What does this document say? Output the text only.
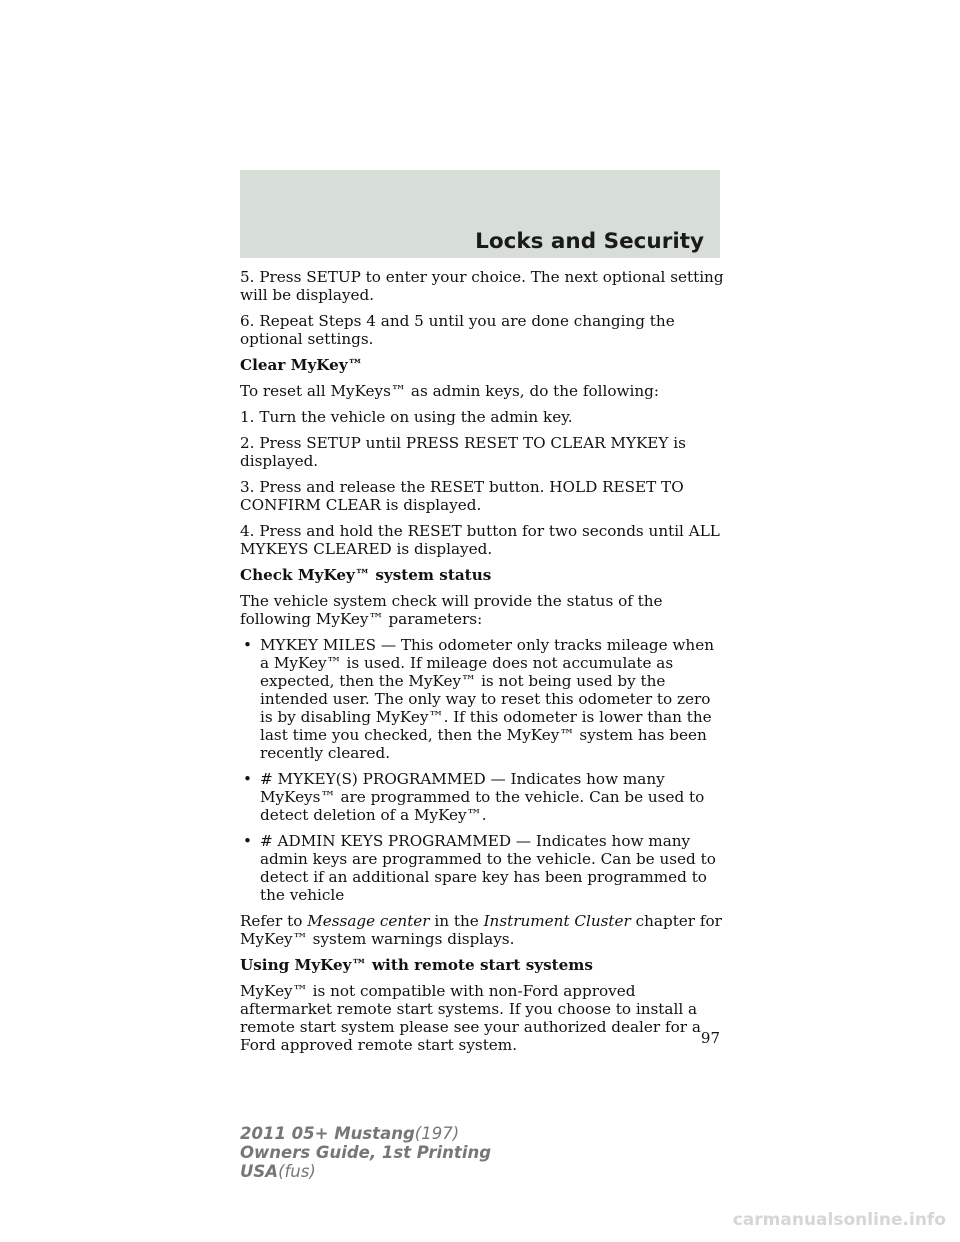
Locks and Security

5. Press SETUP to enter your choice. The next optional setting will be displayed.

6. Repeat Steps 4 and 5 until you are done changing the optional settings.

Clear MyKey™

To reset all MyKeys™ as admin keys, do the following:

1. Turn the vehicle on using the admin key.

2. Press SETUP until PRESS RESET TO CLEAR MYKEY is displayed.

3. Press and release the RESET button. HOLD RESET TO CONFIRM CLEAR is displayed.

4. Press and hold the RESET button for two seconds until ALL MYKEYS CLEARED is displayed.

Check MyKey™ system status

The vehicle system check will provide the status of the following MyKey™ parameters:

• MYKEY MILES — This odometer only tracks mileage when a MyKey™ is used. If mileage does not accumulate as expected, then the MyKey™ is not being used by the intended user. The only way to reset this odometer to zero is by disabling MyKey™. If this odometer is lower than the last time you checked, then the MyKey™ system has been recently cleared.
• # MYKEY(S) PROGRAMMED — Indicates how many MyKeys™ are programmed to the vehicle. Can be used to detect deletion of a MyKey™.
• # ADMIN KEYS PROGRAMMED — Indicates how many admin keys are programmed to the vehicle. Can be used to detect if an additional spare key has been programmed to the vehicle

Refer to Message center in the Instrument Cluster chapter for MyKey™ system warnings displays.

Using MyKey™ with remote start systems

MyKey™ is not compatible with non-Ford approved aftermarket remote start systems. If you choose to install a remote start system please see your authorized dealer for a Ford approved remote start system.	97
2011 05+ Mustang(197)
Owners Guide, 1st Printing
USA(fus)
carmanualsonline.info
